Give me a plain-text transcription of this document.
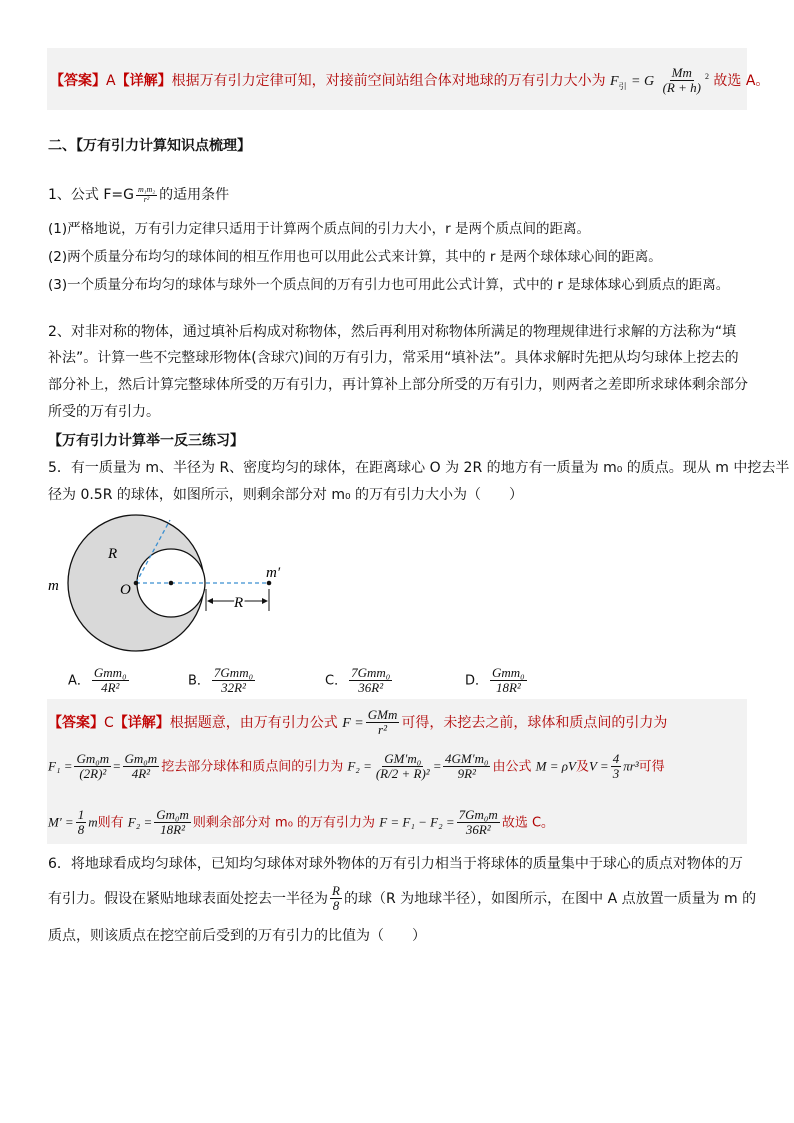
【答案】A【详解】根据万有引力定律可知，对接前空间站组合体对地球的万有引力大小为 $F_引 = G \frac{Mm}{(R + h)} ^2$ 故选 A。
二、【万有引力计算知识点梳理】
1、公式 $F=G \frac{\text{m₁m₂}}{\text{r²}}$ 的适用条件
(1)严格地说，万有引力定律只适用于计算两个质点间的引力大小，r 是两个质点间的距离。
(2)两个质量分布均匀的球体间的相互作用也可以用此公式来计算，其中的 r 是两个球体球心间的距离。
(3)一个质量分布均匀的球体与球外一个质点间的万有引力也可用此公式计算，式中的 r 是球体球心到质点的距离。
2、对非对称的物体，通过填补后构成对称物体，然后再利用对称物体所满足的物理规律进行求解的方法称为“填
补法”。计算一些不完整球形物体(含球穴)间的万有引力，常采用“填补法”。具体求解时先把从均匀球体上挖去的
部分补上，然后计算完整球体所受的万有引力，再计算补上部分所受的万有引力，则两者之差即所求球体剩余部分
所受的万有引力。
【万有引力计算举一反三练习】
5．有一质量为 m、半径为 R、密度均匀的球体，在距离球心 O 为 2R 的地方有一质量为 m₀ 的质点。现从 m 中挖去半
径为 0.5R 的球体，如图所示，则剩余部分对 m₀ 的万有引力大小为（　　）
m
R
O
R
m′
A． $\frac{\text{Gmm₀}}{\text{4R²}}$	B． $\frac{\text{7Gmm₀}}{\text{32R²}}$	C． $\frac{\text{7Gmm₀}}{\text{36R²}}$	D． $\frac{\text{Gmm₀}}{\text{18R²}}$
【答案】C【详解】根据题意，由万有引力公式 $F = \frac{\text{GMm}}{\text{r²}}$ 可得，未挖去之前，球体和质点间的引力为
$F_1 = \frac{\text{Gm₀m}}{\text{(2R)²}} = \frac{\text{Gm₀m}}{\text{4R²}}$ 挖去部分球体和质点间的引力为 $F_2 = \frac{\text{GM′m₀}}{\text{(R/2 + R)²}} = \frac{\text{4GM′m₀}}{\text{9R²}}$ 由公式 M = ρV及$V = \frac{4}{3} \pi r^3$可得
$M' = \frac{1}{8}$ m则有 $F_2 = \frac{\text{Gm₀m}}{\text{18R²}}$ 则剩余部分对 m₀ 的万有引力为 $F = F_1 - F_2 = \frac{\text{7Gm₀m}}{\text{36R²}}$ 故选 C。
6．将地球看成均匀球体，已知均匀球体对球外物体的万有引力相当于将球体的质量集中于球心的质点对物体的万
有引力。假设在紧贴地球表面处挖去一半径为 $\frac{R}{8}$ 的球（R 为地球半径），如图所示，在图中 A 点放置一质量为 m 的
质点，则该质点在挖空前后受到的万有引力的比值为（　　）
